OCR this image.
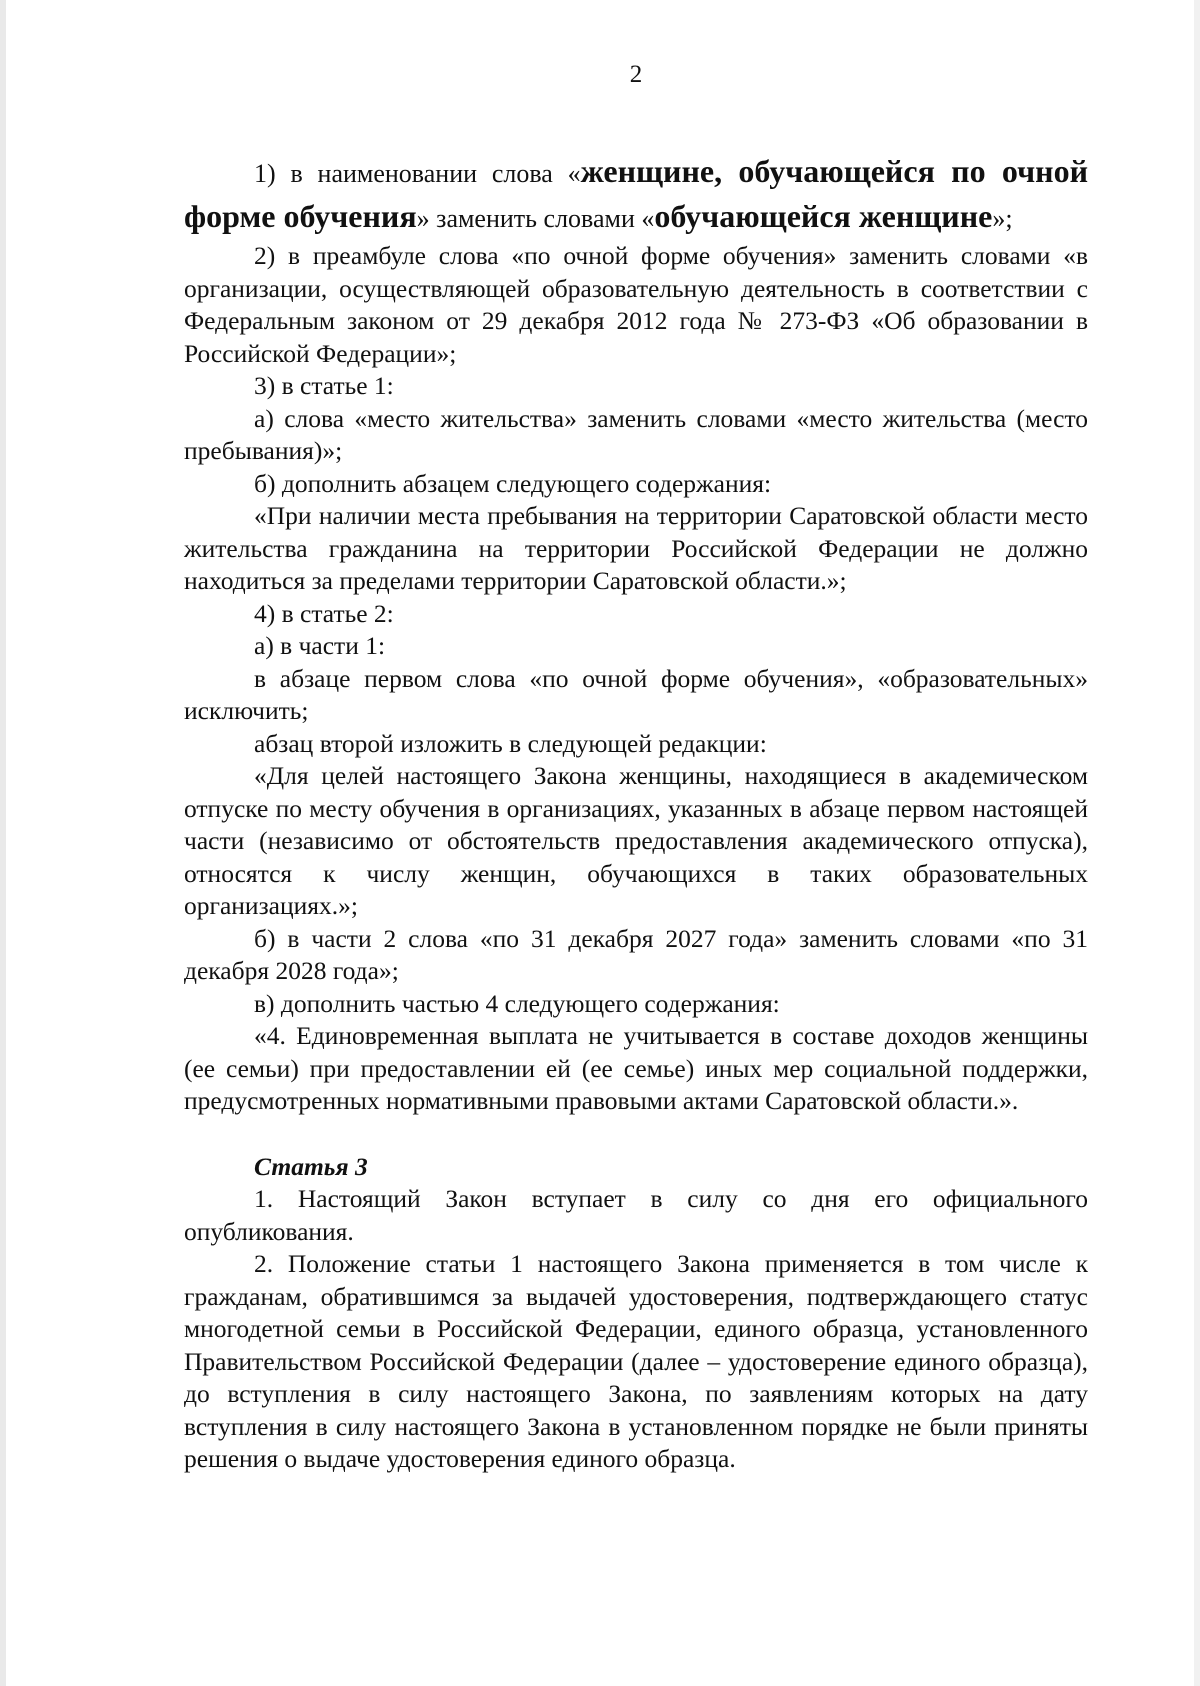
2

1) в наименовании слова «женщине, обучающейся по очной форме обучения» заменить словами «обучающейся женщине»;

2) в преамбуле слова «по очной форме обучения» заменить словами «в организации, осуществляющей образовательную деятельность в соответствии с Федеральным законом от 29 декабря 2012 года № 273-ФЗ «Об образовании в Российской Федерации»;

3) в статье 1:

а) слова «место жительства» заменить словами «место жительства (место пребывания)»;

б) дополнить абзацем следующего содержания:

«При наличии места пребывания на территории Саратовской области место жительства гражданина на территории Российской Федерации не должно находиться за пределами территории Саратовской области.»;

4) в статье 2:

а) в части 1:

в абзаце первом слова «по очной форме обучения», «образовательных» исключить;

абзац второй изложить в следующей редакции:

«Для целей настоящего Закона женщины, находящиеся в академическом отпуске по месту обучения в организациях, указанных в абзаце первом настоящей части (независимо от обстоятельств предоставления академического отпуска), относятся к числу женщин, обучающихся в таких образовательных организациях.»;

б) в части 2 слова «по 31 декабря 2027 года» заменить словами «по 31 декабря 2028 года»;

в) дополнить частью 4 следующего содержания:

«4. Единовременная выплата не учитывается в составе доходов женщины (ее семьи) при предоставлении ей (ее семье) иных мер социальной поддержки, предусмотренных нормативными правовыми актами Саратовской области.».

Статья 3

1. Настоящий Закон вступает в силу со дня его официального опубликования.

2. Положение статьи 1 настоящего Закона применяется в том числе к гражданам, обратившимся за выдачей удостоверения, подтверждающего статус многодетной семьи в Российской Федерации, единого образца, установленного Правительством Российской Федерации (далее – удостоверение единого образца), до вступления в силу настоящего Закона, по заявлениям которых на дату вступления в силу настоящего Закона в установленном порядке не были приняты решения о выдаче удостоверения единого образца.
